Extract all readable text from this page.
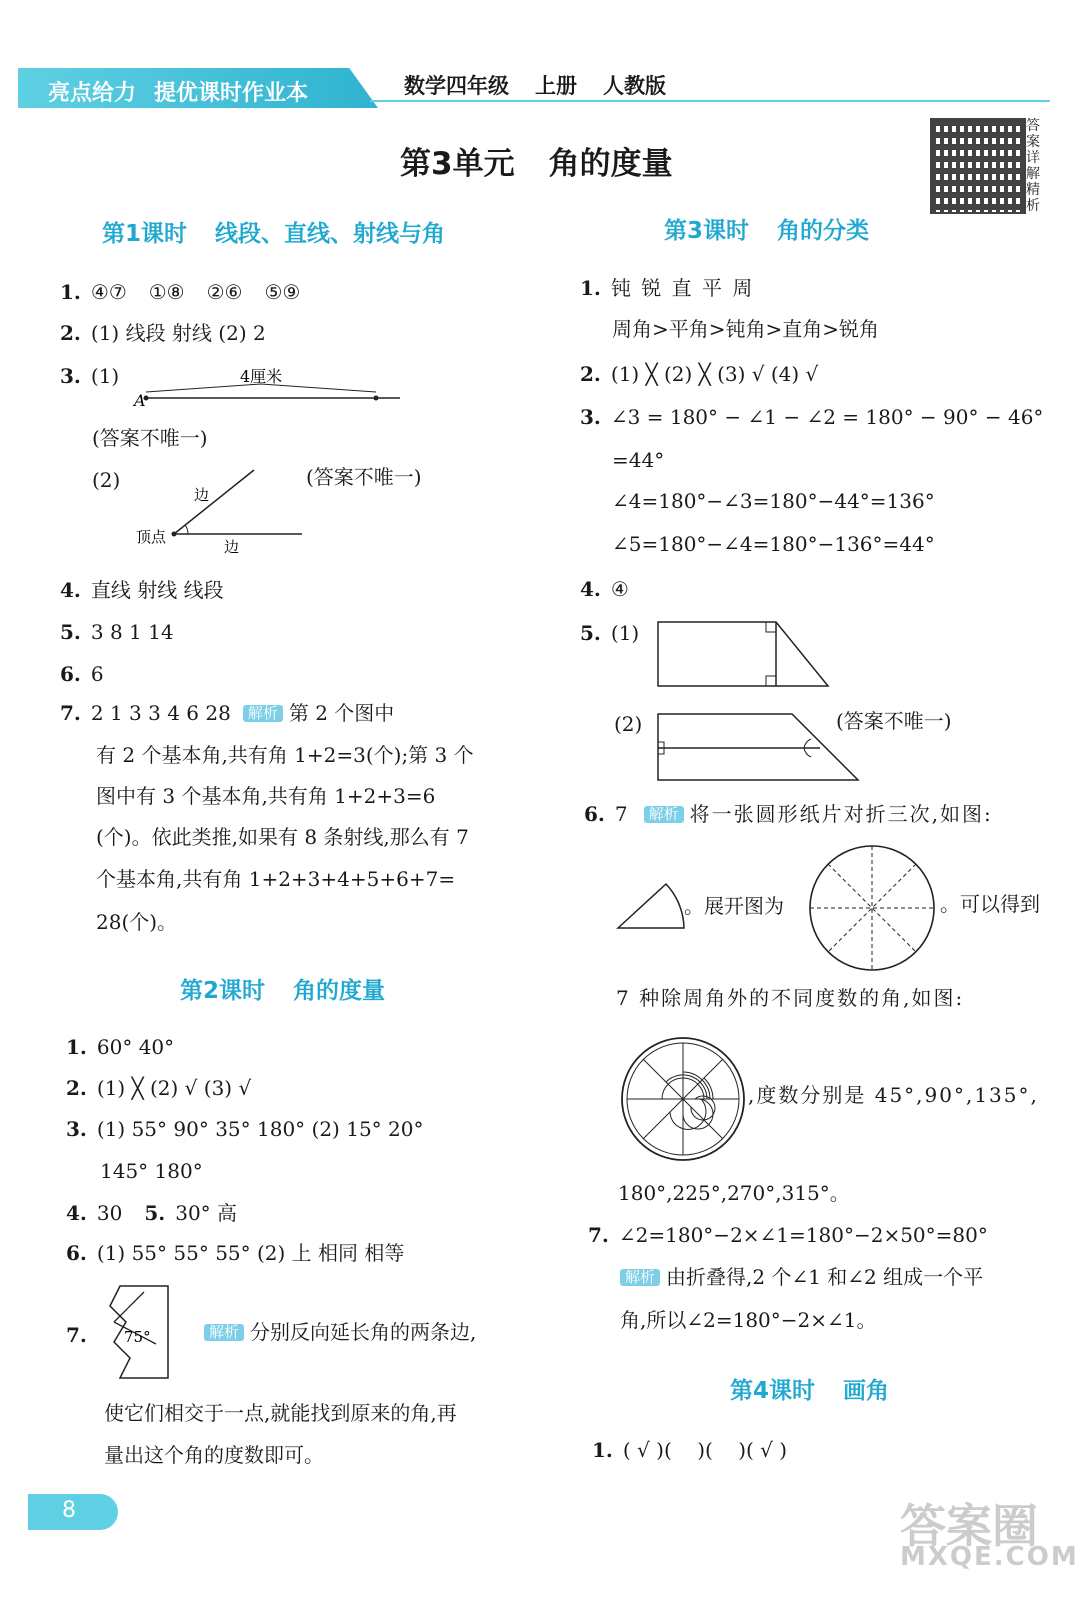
亮点给力 提优课时作业本	数学四年级 上册 人教版
答案详解精析
第3单元 角的度量
第1课时 线段、直线、射线与角
1. ④⑦ ①⑧ ②⑥ ⑤⑨
2. (1) 线段 射线 (2) 2
3. (1)	4厘米
A
(答案不唯一)
(2)	(答案不唯一)
边
边
顶点
4. 直线 射线 线段
5. 3 8 1 14
6. 6
7. 2 1 3 3 4 6 28 解析 第 2 个图中
有 2 个基本角,共有角 1+2=3(个);第 3 个
图中有 3 个基本角,共有角 1+2+3=6
(个)。依此类推,如果有 8 条射线,那么有 7
个基本角,共有角 1+2+3+4+5+6+7=
28(个)。
第2课时 角的度量
1. 60° 40°
2. (1) ╳ (2) √ (3) √
3. (1) 55° 90° 35° 180° (2) 15° 20°
145° 180°
4. 30 5. 30° 高
6. (1) 55° 55° 55° (2) 上 相同 相等
7.	75°	解析 分别反向延长角的两条边,
使它们相交于一点,就能找到原来的角,再
量出这个角的度数即可。
第3课时 角的分类
1. 钝 锐 直 平 周
周角>平角>钝角>直角>锐角
2. (1) ╳ (2) ╳ (3) √ (4) √
3. ∠3 = 180° − ∠1 − ∠2 = 180° − 90° − 46°
=44°
∠4=180°−∠3=180°−44°=136°
∠5=180°−∠4=180°−136°=44°
4. ④
5. (1)
(2)	(答案不唯一)
6. 7 解析 将一张圆形纸片对折三次,如图:
。展开图为	。可以得到
7 种除周角外的不同度数的角,如图:
,度数分别是 45°,90°,135°,
180°,225°,270°,315°。
7. ∠2=180°−2×∠1=180°−2×50°=80°
解析 由折叠得,2 个∠1 和∠2 组成一个平
角,所以∠2=180°−2×∠1。
第4课时 画角
1. ( √ )(    )(    )( √ )
8	答案圈
MXQE.COM
